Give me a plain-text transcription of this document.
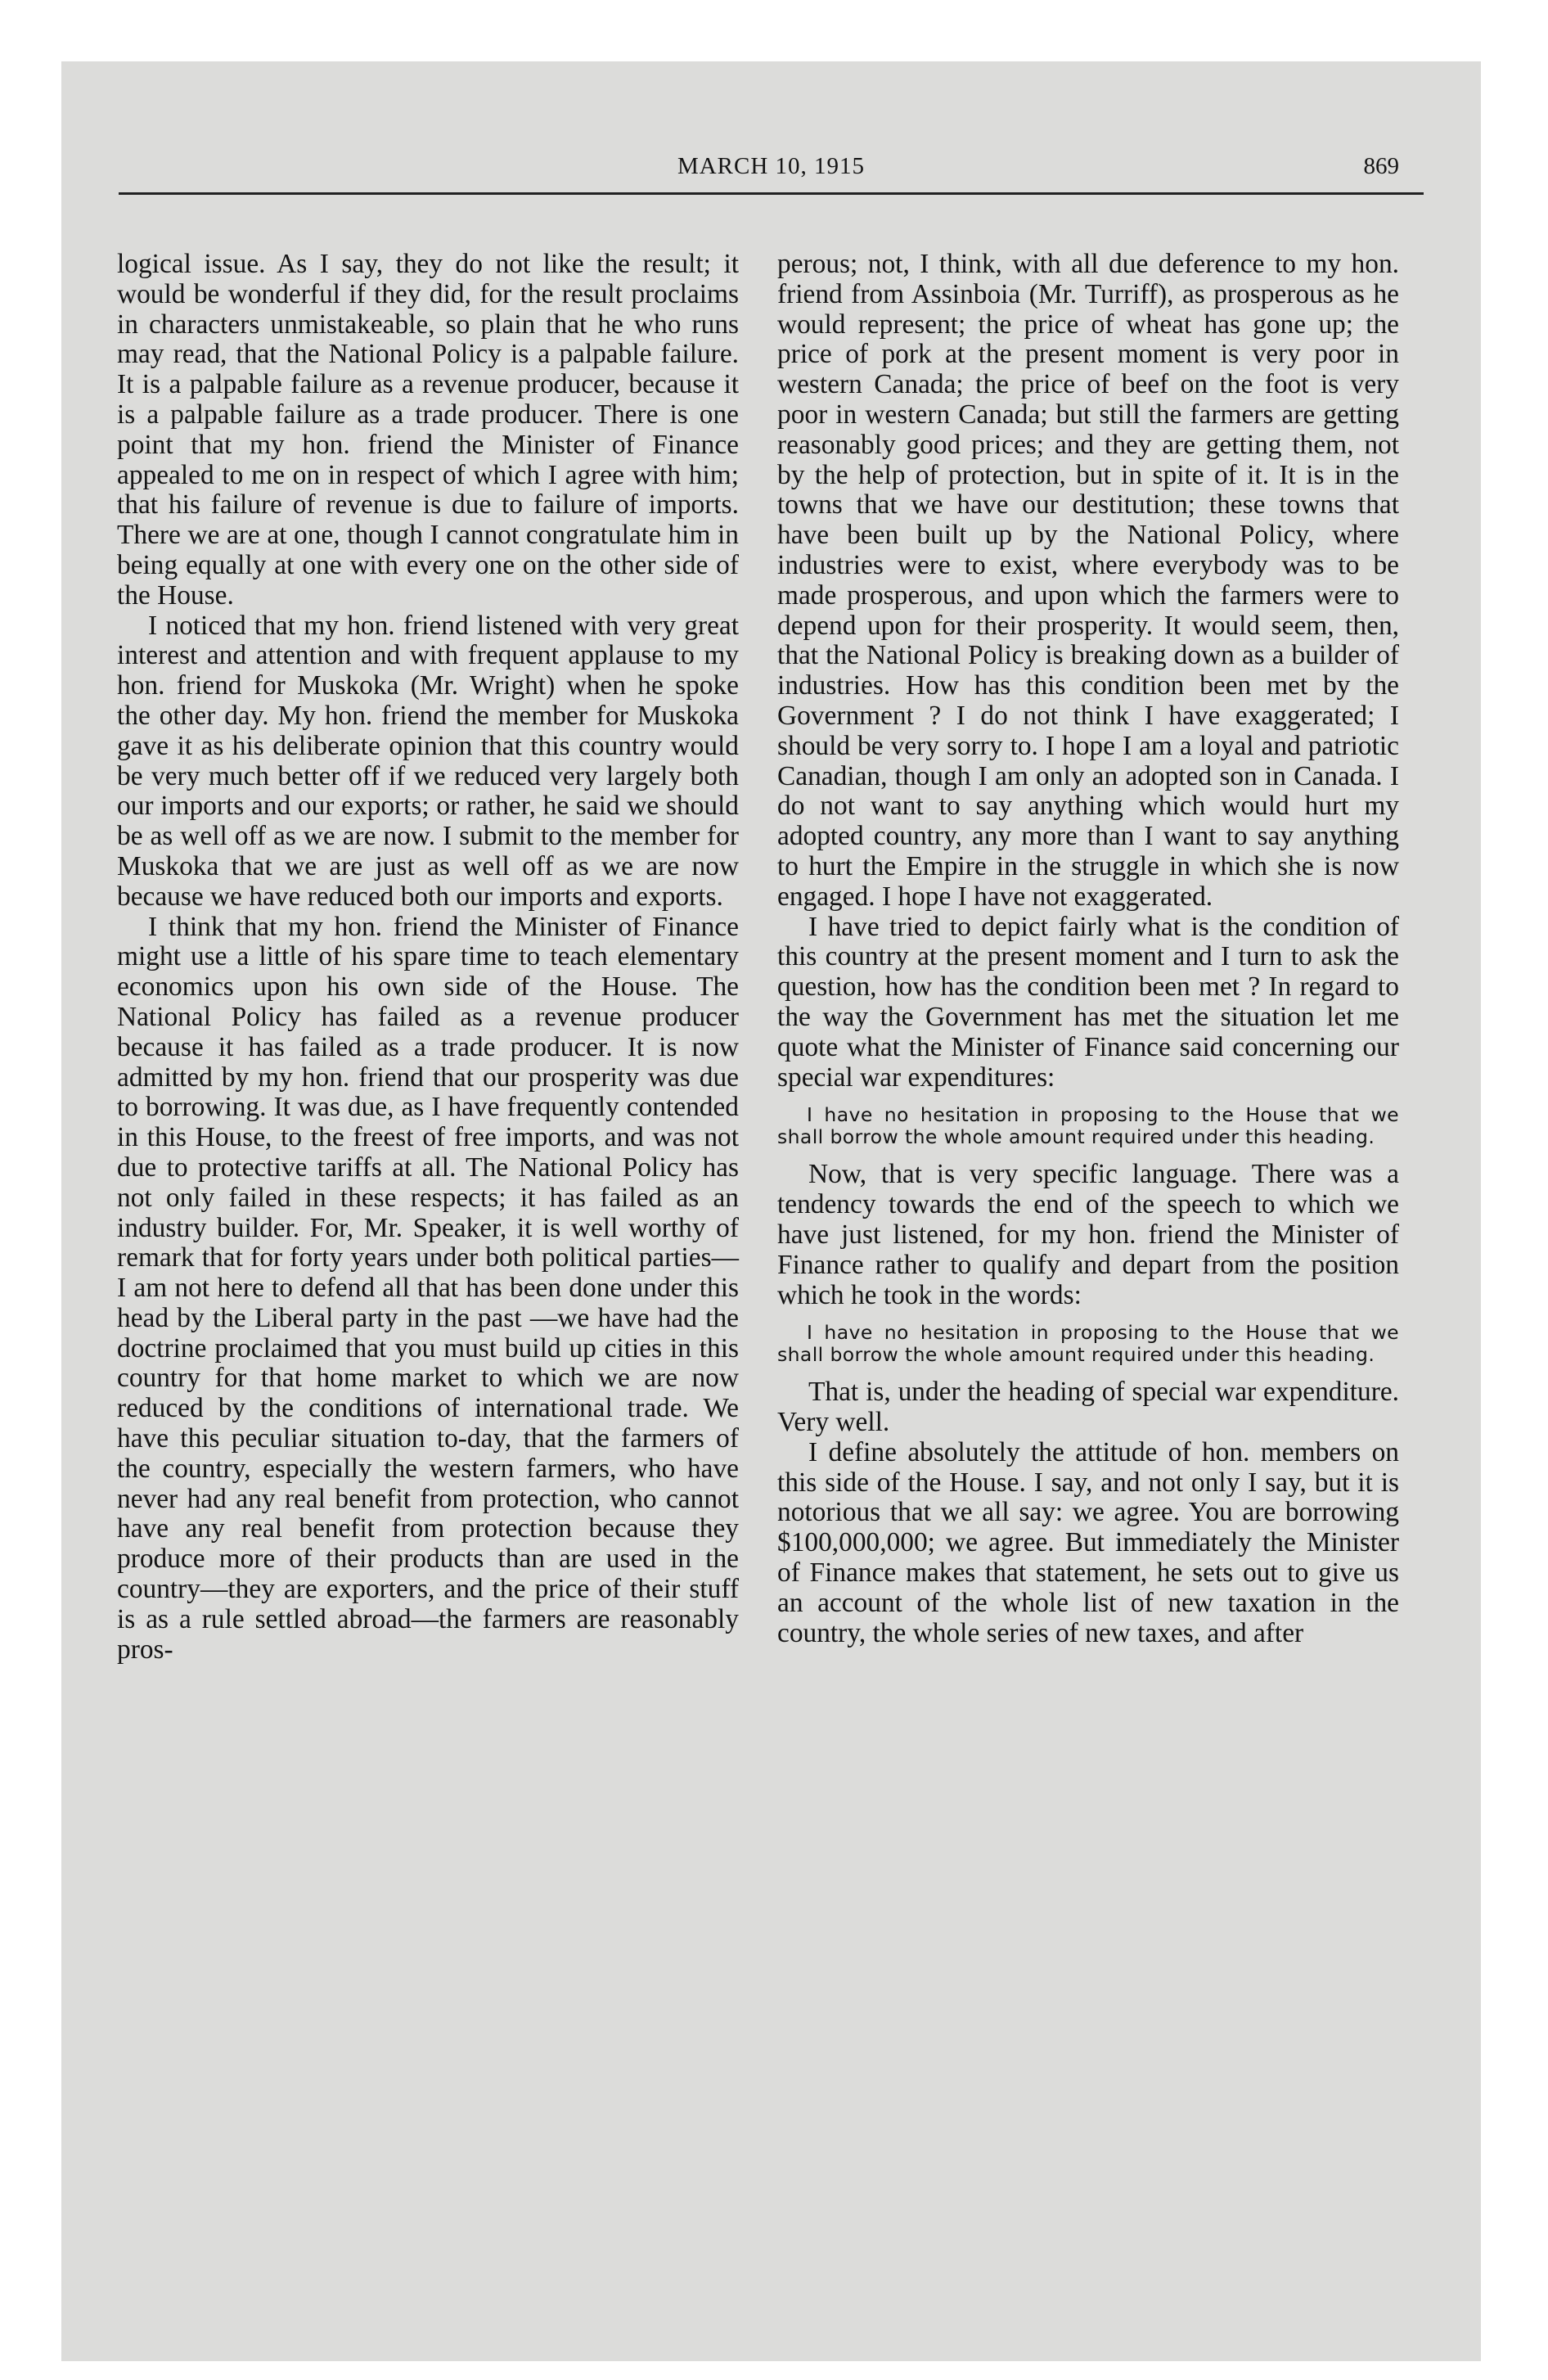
MARCH 10, 1915	869

logical issue. As I say, they do not like the result; it would be wonderful if they did, for the result proclaims in characters unmistakeable, so plain that he who runs may read, that the National Policy is a palpable failure. It is a palpable failure as a revenue producer, because it is a palpable failure as a trade producer. There is one point that my hon. friend the Minister of Finance appealed to me on in respect of which I agree with him; that his failure of revenue is due to failure of imports. There we are at one, though I cannot congratulate him in being equally at one with every one on the other side of the House.

I noticed that my hon. friend listened with very great interest and attention and with frequent applause to my hon. friend for Muskoka (Mr. Wright) when he spoke the other day. My hon. friend the member for Muskoka gave it as his deliberate opinion that this country would be very much better off if we reduced very largely both our imports and our exports; or rather, he said we should be as well off as we are now. I submit to the member for Muskoka that we are just as well off as we are now because we have reduced both our imports and exports.

I think that my hon. friend the Minister of Finance might use a little of his spare time to teach elementary economics upon his own side of the House. The National Policy has failed as a revenue producer because it has failed as a trade producer. It is now admitted by my hon. friend that our prosperity was due to borrowing. It was due, as I have frequently contended in this House, to the freest of free imports, and was not due to protective tariffs at all. The National Policy has not only failed in these respects; it has failed as an industry builder. For, Mr. Speaker, it is well worthy of remark that for forty years under both political parties—I am not here to defend all that has been done under this head by the Liberal party in the past —we have had the doctrine proclaimed that you must build up cities in this country for that home market to which we are now reduced by the conditions of international trade. We have this peculiar situation to-day, that the farmers of the country, especially the western farmers, who have never had any real benefit from protection, who cannot have any real benefit from protection because they produce more of their products than are used in the country—they are exporters, and the price of their stuff is as a rule settled abroad—the farmers are reasonably pros-

perous; not, I think, with all due deference to my hon. friend from Assinboia (Mr. Turriff), as prosperous as he would represent; the price of wheat has gone up; the price of pork at the present moment is very poor in western Canada; the price of beef on the foot is very poor in western Canada; but still the farmers are getting reasonably good prices; and they are getting them, not by the help of protection, but in spite of it. It is in the towns that we have our destitution; these towns that have been built up by the National Policy, where industries were to exist, where everybody was to be made prosperous, and upon which the farmers were to depend upon for their prosperity. It would seem, then, that the National Policy is breaking down as a builder of industries. How has this condition been met by the Government ? I do not think I have exaggerated; I should be very sorry to. I hope I am a loyal and patriotic Canadian, though I am only an adopted son in Canada. I do not want to say anything which would hurt my adopted country, any more than I want to say anything to hurt the Empire in the struggle in which she is now engaged. I hope I have not exaggerated.

I have tried to depict fairly what is the condition of this country at the present moment and I turn to ask the question, how has the condition been met ? In regard to the way the Government has met the situation let me quote what the Minister of Finance said concerning our special war expenditures:

I have no hesitation in proposing to the House that we shall borrow the whole amount required under this heading.

Now, that is very specific language. There was a tendency towards the end of the speech to which we have just listened, for my hon. friend the Minister of Finance rather to qualify and depart from the position which he took in the words:

I have no hesitation in proposing to the House that we shall borrow the whole amount required under this heading.

That is, under the heading of special war expenditure. Very well.

I define absolutely the attitude of hon. members on this side of the House. I say, and not only I say, but it is notorious that we all say: we agree. You are borrowing $100,000,000; we agree. But immediately the Minister of Finance makes that statement, he sets out to give us an account of the whole list of new taxation in the country, the whole series of new taxes, and after
